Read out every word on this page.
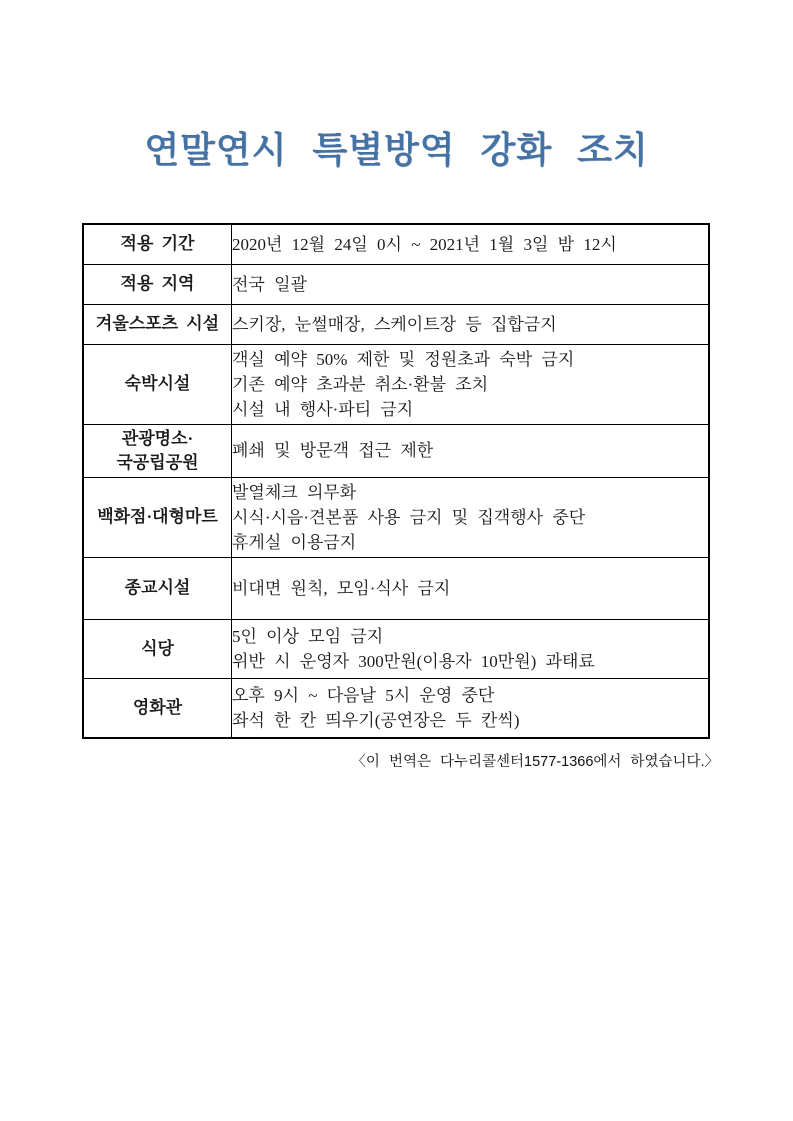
연말연시 특별방역 강화 조치
적용 기간	2020년 12월 24일 0시 ~ 2021년 1월 3일 밤 12시

적용 지역	전국 일괄

겨울스포츠 시설	스키장, 눈썰매장, 스케이트장 등 집합금지

숙박시설	객실 예약 50% 제한 및 정원초과 숙박 금지
기존 예약 초과분 취소·환불 조치
시설 내 행사·파티 금지

관광명소·
국공립공원	폐쇄 및 방문객 접근 제한

백화점·대형마트	발열체크 의무화
시식·시음·견본품 사용 금지 및 집객행사 중단
휴게실 이용금지

종교시설	비대면 원칙, 모임·식사 금지

식당	5인 이상 모임 금지
위반 시 운영자 300만원(이용자 10만원) 과태료

영화관	오후 9시 ~ 다음날 5시 운영 중단
좌석 한 칸 띄우기(공연장은 두 칸씩)
〈이 번역은 다누리콜센터1577-1366에서 하였습니다.〉
